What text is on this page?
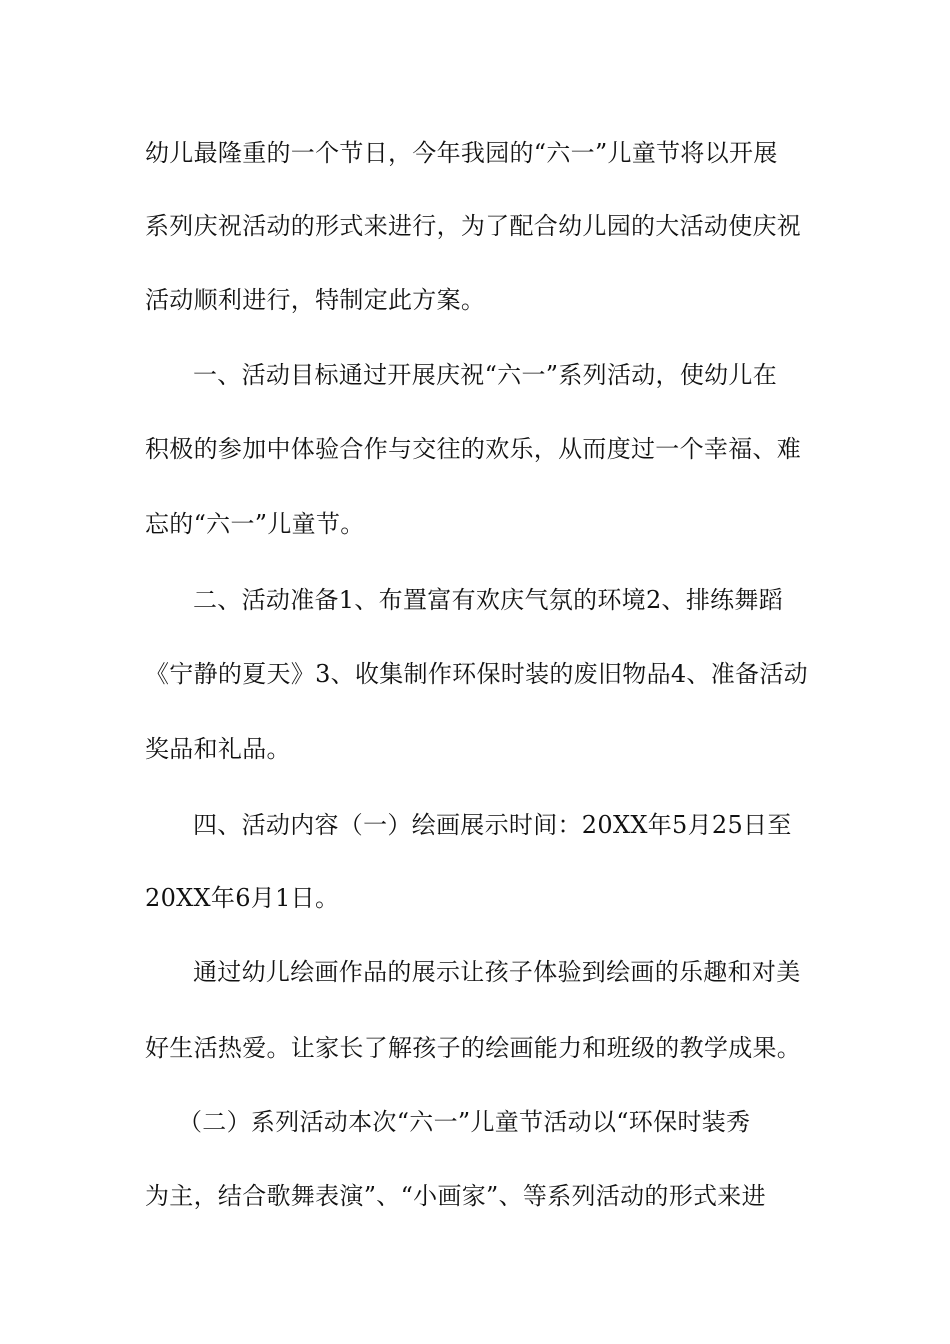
幼儿最隆重的一个节日，今年我园的“六一”儿童节将以开展
系列庆祝活动的形式来进行，为了配合幼儿园的大活动使庆祝
活动顺利进行，特制定此方案。
一、活动目标通过开展庆祝“六一”系列活动，使幼儿在
积极的参加中体验合作与交往的欢乐，从而度过一个幸福、难
忘的“六一”儿童节。
二、活动准备1、布置富有欢庆气氛的环境2、排练舞蹈
《宁静的夏天》3、收集制作环保时装的废旧物品4、准备活动
奖品和礼品。
四、活动内容（一）绘画展示时间：20XX年5月25日至
20XX年6月1日。
通过幼儿绘画作品的展示让孩子体验到绘画的乐趣和对美
好生活热爱。让家长了解孩子的绘画能力和班级的教学成果。
（二）系列活动本次“六一”儿童节活动以“环保时装秀
为主，结合歌舞表演”、“小画家”、等系列活动的形式来进
